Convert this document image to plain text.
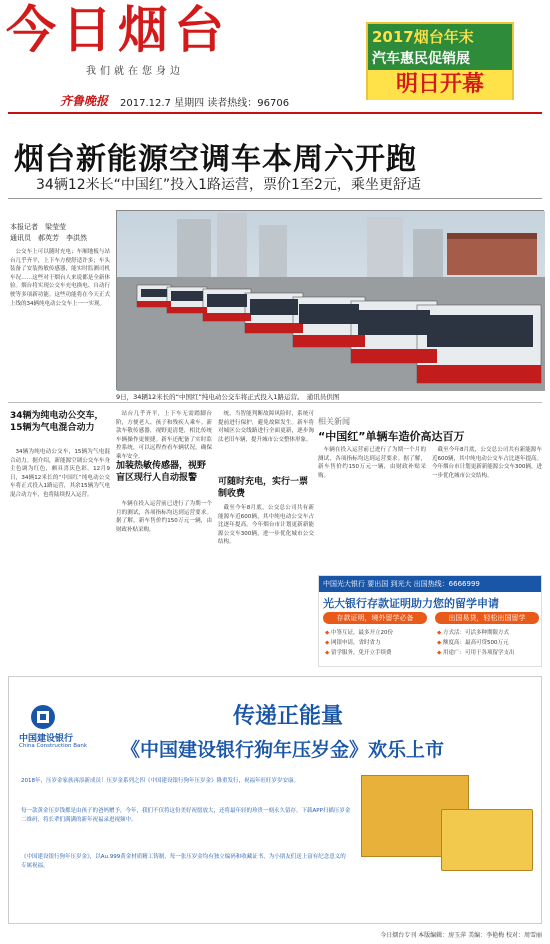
今日烟台
我们就在您身边
齐鲁晚报 2017.12.7 星期四 读者热线：96706
2017烟台年末
汽车惠民促销展
明日开幕
烟台新能源空调车本周六开跑
34辆12米长“中国红”投入1路运营，票价1至2元，乘坐更舒适
本报记者　梁莹莹
通讯员　郝英芳　李洪然

公交车上可以随时充电；车厢地板与站台几乎齐平，上下车方便舒适许多；车头装备了安装热敏传感器，能实时监测司机车况……这些对于烟台人来说都是全新体验。烟台将实现公交车充电换电、自动行驶等多项新功能。这些功能将在今天正式上线的34辆纯电动公交车上一一实现。

9日，34辆12米长的“中国红”纯电动公交车将正式投入1路运营。　通讯员供图
34辆为纯电动公交车，15辆为气电混合动力

34辆为纯电动公交车，15辆为气电混合动力。据介绍，新能源空调公交车车身主色调为红色，颇具喜庆色彩。12月9日，34辆12米长的“中国红”纯电动公交车将正式投入1路运营，其余15辆为气电混合动力车，也将陆续投入运营。

站台几乎齐平，上下车无需踏脚台阶，方便老人、孩子和残疾人乘车。新款车敬传感器，视野更清楚，相比传统车辆操作更便捷。新车还配备了实时监控系统，可以远程查看车辆状况，确保乘车安全。

加装热敏传感器，视野盲区现行人自动报警

车辆在投入运营前已进行了为期一个月的测试，各项指标均达到运营要求。据了解，新车售价约150万元一辆，由财政补贴采购。

统，当智能判断故障风险时，系统可提前进行保护，避免故障发生。新车将对城区公交线路进行全面更新，逐步淘汰老旧车辆，提升城市公交整体形象。

可随时充电，实行一票制收费

截至今年8月底，公交总公司共有新能源车近600辆，其中纯电动公交车占比逐年提高。今年烟台市计划更新新能源公交车300辆，进一步优化城市公交结构。

相关新闻
“中国红”单辆车造价高达百万

车辆在投入运营前已进行了为期一个月的测试，各项指标均达到运营要求。据了解，新车售价约150万元一辆，由财政补贴采购。

截至今年8月底，公交总公司共有新能源车近600辆，其中纯电动公交车占比逐年提高。今年烟台市计划更新新能源公交车300辆，进一步优化城市公交结构。

中国光大银行 要出国 到光大 出国热线：6666999
光大银行存款证明助力您的留学申请
存款证明，境外留学必备	出国易贷，轻松出国留学
◆ 中签互证，最多开立20份
◆ 网银申请，省时省力
◆ 留学服务，免开立手续费
◆ 方式活：可活多种期限方式
◆ 额度高：最高可贷500万元
◆ 用途广：可用于各项留学支出
中国建设银行
China Construction Bank
传递正能量
《中国建设银行狗年压岁金》欢乐上市
2018年，压岁金家族再添新成员！压岁金系列之四《中国建设银行狗年压岁金》隆重发行，祝福年旺旺岁岁安康。
每一款黄金压岁钱都是由孩子的爸妈赠予，今年，我们不仅将这份美好祝愿放大，还将最年轻的珍贵一刻永久留存。下载APP扫描压岁金二维码，将长辈们满满的新年祝福录进视频中。
《中国建设银行狗年压岁金》，以Au.999黄金材质精工铸制，每一张压岁金均有独立编码和收藏证书，为小朋友们送上富有纪念意义的专属祝福。
今日烟台专刊 本版编辑：房玉萍 美编：李艳梅 校对：周雪丽
